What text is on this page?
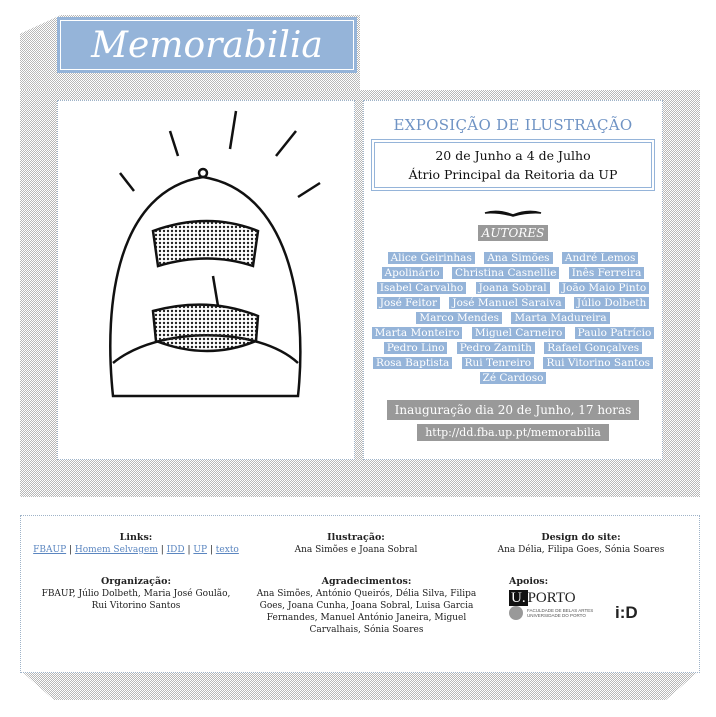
Memorabilia
EXPOSIÇÃO DE ILUSTRAÇÃO
20 de Junho a 4 de Julho
Átrio Principal da Reitoria da UP
AUTORES
Alice Geirinhas Ana Simões André Lemos Apolinário Christina Casnellie Inês Ferreira Isabel Carvalho Joana Sobral João Maio Pinto José Feitor José Manuel Saraiva Júlio Dolbeth Marco Mendes Marta Madureira Marta Monteiro Miguel Carneiro Paulo Patrício Pedro Lino Pedro Zamith Rafael Gonçalves Rosa Baptista Rui Tenreiro Rui Vitorino Santos Zé Cardoso
Inauguração dia 20 de Junho, 17 horas
http://dd.fba.up.pt/memorabilia
Links:
FBAUP | Homem Selvagem | IDD | UP | texto
Ilustração:
Ana Simões e Joana Sobral
Design do site:
Ana Délia, Filipa Goes, Sónia Soares
Organização:
FBAUP, Júlio Dolbeth, Maria José Goulão, Rui Vitorino Santos
Agradecimentos:
Ana Simões, António Queirós, Délia Silva, Filipa Goes, Joana Cunha, Joana Sobral, Luisa Garcia Fernandes, Manuel António Janeira, Miguel Carvalhais, Sónia Soares
Apoios:
U. PORTO
FACULDADE DE BELAS ARTES UNIVERSIDADE DO PORTO	i:D
